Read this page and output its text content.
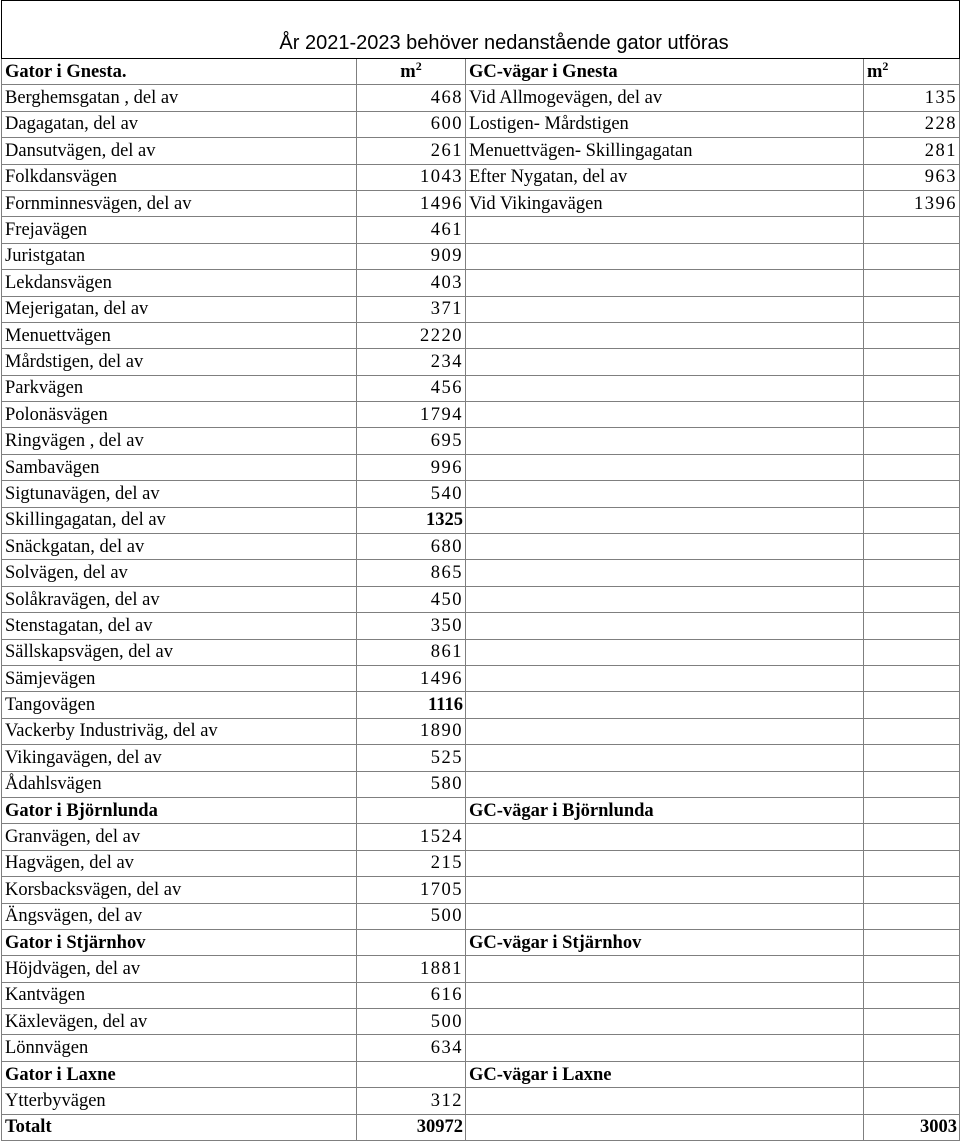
År 2021-2023 behöver nedanstående gator utföras			
Gator i Gnesta.	$m^2$	GC-vägar i Gnesta	$m^2$
Berghemsgatan , del av	468	Vid Allmogevägen, del av	135
Dagagatan, del av	600	Lostigen- Mårdstigen	228
Dansutvägen, del av	261	Menuettvägen- Skillingagatan	281
Folkdansvägen	1043	Efter Nygatan, del av	963
Fornminnesvägen, del av	1496	Vid Vikingavägen	1396
Frejavägen	461		
Juristgatan	909		
Lekdansvägen	403		
Mejerigatan, del av	371		
Menuettvägen	2220		
Mårdstigen, del av	234		
Parkvägen	456		
Polonäsvägen	1794		
Ringvägen , del av	695		
Sambavägen	996		
Sigtunavägen, del av	540		
Skillingagatan, del av	1325		
Snäckgatan, del av	680		
Solvägen, del av	865		
Solåkravägen, del av	450		
Stenstagatan, del av	350		
Sällskapsvägen, del av	861		
Sämjevägen	1496		
Tangovägen	1116		
Vackerby Industriväg, del av	1890		
Vikingavägen, del av	525		
Ådahlsvägen	580		
Gator i Björnlunda		GC-vägar i Björnlunda	
Granvägen, del av	1524		
Hagvägen, del av	215		
Korsbacksvägen, del av	1705		
Ängsvägen, del av	500		
Gator i Stjärnhov		GC-vägar i Stjärnhov	
Höjdvägen, del av	1881		
Kantvägen	616		
Käxlevägen, del av	500		
Lönnvägen	634		
Gator i Laxne		GC-vägar i Laxne	
Ytterbyvägen	312		
Totalt	30972		3003
